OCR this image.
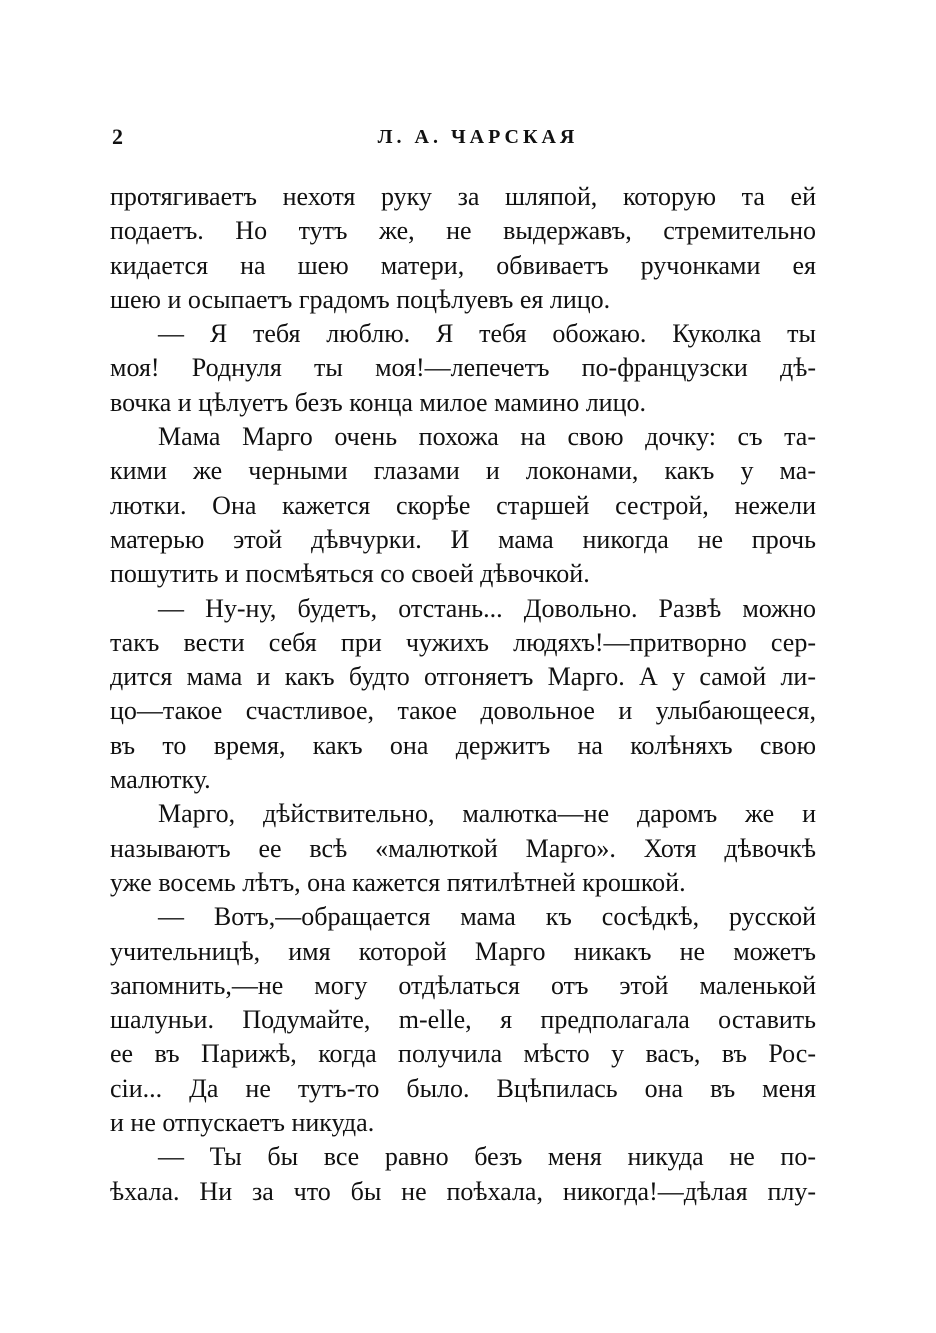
2	Л. А. ЧАРСКАЯ
протягиваетъ нехотя руку за шляпой, которую та ей
подаетъ. Но тутъ же, не выдержавъ, стремительно
кидается на шею матери, обвиваетъ ручонками ея
шею и осыпаетъ градомъ поцѣлуевъ ея лицо.
— Я тебя люблю. Я тебя обожаю. Куколка ты
моя! Роднуля ты моя!—лепечетъ по-французски дѣ-
вочка и цѣлуетъ безъ конца милое мамино лицо.
Мама Марго очень похожа на свою дочку: съ та-
кими же черными глазами и локонами, какъ у ма-
лютки. Она кажется скорѣе старшей сестрой, нежели
матерью этой дѣвчурки. И мама никогда не прочь
пошутить и посмѣяться со своей дѣвочкой.
— Ну-ну, будетъ, отстань... Довольно. Развѣ можно
такъ вести себя при чужихъ людяхъ!—притворно сер-
дится мама и какъ будто отгоняетъ Марго. А у самой ли-
цо—такое счастливое, такое довольное и улыбающееся,
въ то время, какъ она держитъ на колѣняхъ свою
малютку.
Марго, дѣйствительно, малютка—не даромъ же и
называютъ ее всѣ «малюткой Марго». Хотя дѣвочкѣ
уже восемь лѣтъ, она кажется пятилѣтней крошкой.
— Вотъ,—обращается мама къ сосѣдкѣ, русской
учительницѣ, имя которой Марго никакъ не можетъ
запомнить,—не могу отдѣлаться отъ этой маленькой
шалуньи. Подумайте, m-elle, я предполагала оставить
ее въ Парижѣ, когда получила мѣсто у васъ, въ Рос-
сіи... Да не тутъ-то было. Вцѣпилась она въ меня
и не отпускаетъ никуда.
— Ты бы все равно безъ меня никуда не по-
ѣхала. Ни за что бы не поѣхала, никогда!—дѣлая плу-
